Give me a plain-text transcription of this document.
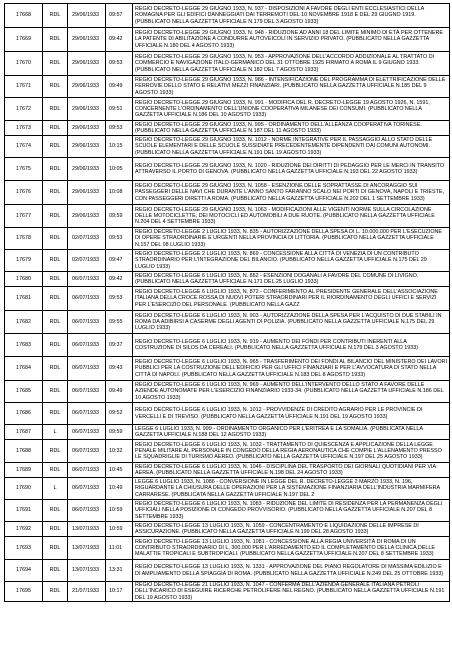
17668	RDL	29/06/1933	09:57	REGIO DECRETO-LEGGE 29 GIUGNO 1933, N. 937 - DISPOSIZIONI A FAVORE DEGLI ENTI ECCLESIASTICI DELLA ROMAGNA PER GLI EDIFICI DANNEGGIATI DAI TERREMOTI DEL 10 NOVEMBRE 1918 E DEL 29 GIUGNO 1919. (PUBBLICATO NELLA GAZZETTA UFFICIALE N.179 DEL 3 AGOSTO 1933)
17669	RDL	29/06/1933	09:42	REGIO DECRETO-LEGGE 29 GIUGNO 1933, N. 948 - RIDUZIONE AD ANNI 18 DEL LIMITE MINIMO DI ETÀ PER OTTENERE LA PATENTE DI ABILITAZIONE A CONDURRE AUTOVEICOLI IN SERVIZIO PRIVATO. (PUBBLICATO NELLA GAZZETTA UFFICIALE N.180 DEL 4 AGOSTO 1933)
17670	RDL	29/06/1933	09:53	REGIO DECRETO-LEGGE 29 GIUGNO 1933, N. 953 - APPROVAZIONE DELL'ACCORDO ADDIZIONALE AL TRATTATO DI COMMERCIO E NAVIGAZIONE ITALO-GERMANICO DEL 31 OTTOBRE 1925 FIRMATO A ROMA IL 9 GIUGNO 1933. (PUBBLICATO NELLA GAZZETTA UFFICIALE N.182 DEL 7 AGOSTO 1933)
17671	RDL	29/06/1933	09:49	REGIO DECRETO-LEGGE 29 GIUGNO 1933, N. 986 - INTENSIFICAZIONE DEL PROGRAMMA DI ELETTRIFICAZIONE DELLE FERROVIE DELLO STATO E RELATIVI MEZZI FINANZIARI. (PUBBLICATO NELLA GAZZETTA UFFICIALE N.185 DEL 9 AGOSTO 1933)
17672	RDL	29/06/1933	09:51	REGIO DECRETO-LEGGE 29 GIUGNO 1933, N. 991 - MODIFICA DEL R. DECRETO-LEGGE 19 AGOSTO 1926, N. 1591, CONCERNENTE L'ORDINAMENTO DELL'UNIONE COOPERATIVA MILANESE DEI CONSUMI. (PUBBLICATO NELLA GAZZETTA UFFICIALE N.186 DEL 10 AGOSTO 1933)
17673	RDL	29/06/1933	09:53	REGIO DECRETO-LEGGE 29 GIUGNO 1933, N. 995 - ORDINAMENTO DELL'ALLEANZA COOPERATIVA TORINESE. (PUBBLICATO NELLA GAZZETTA UFFICIALE N.187 DEL 11 AGOSTO 1933)
17674	RDL	29/06/1933	10:15	REGIO DECRETO-LEGGE 29 GIUGNO 1933, N. 1012 - NORME INTEGRATIVE PER IL PASSAGGIO ALLO STATO DELLE SCUOLE ELEMENTARI E DELLE SCUOLE SUSSIDIATE PRECEDENTEMENTE DIPENDENTI DAI COMUNI AUTONOMI. (PUBBLICATO NELLA GAZZETTA UFFICIALE N.191 DEL 19 AGOSTO 1933)
17675	RDL	29/06/1933	10:05	REGIO DECRETO-LEGGE 29 GIUGNO 1933, N. 1020 - RIDUZIONE DEI DIRITTI DI PEDAGGIO PER LE MERCI IN TRANSITO ATTRAVERSO IL PORTO DI GENOVA. (PUBBLICATO NELLA GAZZETTA UFFICIALE N.193 DEL 22 AGOSTO 1933)
17676	RDL	29/06/1933	10:08	REGIO DECRETO-LEGGE 29 GIUGNO 1933, N. 1058 - ESENZIONE DELLE SOPRATTASSE DI ANCORAGGIO SUI PASSEGGERI DELLE NAVI CHE DURANTE L'ANNO SANTO FARANNO SCALO NEI PORTI DI GENOVA, NAPOLI E TRIESTE, CON PASSEGGERI DIRETTI A ROMA. (PUBBLICATO NELLA GAZZETTA UFFICIALE N.202 DEL 1 SETTEMBRE 1933)
17677	RDL	29/06/1933	09:59	REGIO DECRETO-LEGGE 29 GIUGNO 1933, N. 1063 - MODIFICAZIONI ALLE VIGENTI NORME SULLA CIRCOLAZIONE DELLE MOTOCICLETTE, DEI MOTOCICLI ED AUTOMOBILI A DUE RUOTE. (PUBBLICATO NELLA GAZZETTA UFFICIALE N.204 DEL 4 SETTEMBRE 1933)
17678	RDL	02/07/1933	09:53	REGIO DECRETO-LEGGE 2 LUGLIO 1933, N. 835 - AUTORIZZAZIONE DELLA SPESA DI L. 10.000.000 PER L'ESECUZIONE DI OPERE STRAORDINARIE E URGENTI NELLA PROVINCIA DI LITTORIA. (PUBBLICATO NELLA GAZZETTA UFFICIALE N.157 DEL 08 LUGLIO 1933)
17679	RDL	02/07/1933	09:47	REGIO DECRETO-LEGGE 2 LUGLIO 1933, N. 869 - CONCESSIONE ALLA CITTÀ DI VENEZIA DI UN CONTRIBUTO STRAORDINARIO PER L'INTEGRAZIONE DEL BILANCIO. (PUBBLICATO NELLA GAZZETTA UFFICIALE N.175 DEL 29 LUGLIO 1933)
17680	RDL	06/07/1933	09:42	REGIO DECRETO-LEGGE 6 LUGLIO 1933, N. 862 - ESENZIONI DOGANALI A FAVORE DEL COMUNE DI LIVIGNO. (PUBBLICATO NELLA GAZZETTA UFFICIALE N.171 DEL 25 LUGLIO 1933)
17681	RDL	06/07/1933	09:53	REGIO DECRETO-LEGGE 6 LUGLIO 1933, N. 872 - CONFERIMENTO AL PRESIDENTE GENERALE DELL'ASSOCIAZIONE ITALIANA DELLA CROCE ROSSA DI NUOVI POTERI STRAORDINARI PER IL RIORDINAMENTO DEGLI UFFICI E SERVIZI PER L'ESERCIZIO DEL PERSONALE. (PUBBLICATO NELLA GAZZ
17682	RDL	06/07/1933	09:55	REGIO DECRETO-LEGGE 6 LUGLIO 1933, N. 903 - AUTORIZZAZIONE DELLA SPESA PER L'ACQUISTO DI DUE STABILI IN ROMA DA ADIBIRSI A CASERME DEGLI AGENTI DI POLIZIA. (PUBBLICATO NELLA GAZZETTA UFFICIALE N.175 DEL 29 LUGLIO 1933)
17683	RDL	06/07/1933	09:37	REGIO DECRETO-LEGGE 6 LUGLIO 1933, N. 919 - AUMENTO DEI FONDI PER CONTRIBUTI INERENTI ALLA COSTRUZIONE DI SILOS DA CEREALI. (PUBBLICATO NELLA GAZZETTA UFFICIALE N.179 DEL 3 AGOSTO 1933)
17684	RDL	06/07/1933	09:43	REGIO DECRETO-LEGGE 6 LUGLIO 1933, N. 965 - TRASFERIMENTO DEI FONDI AL BILANCIO DEL MINISTERO DEI LAVORI PUBBLICI PER LA COSTRUZIONE DELL'EDIFICIO PER GLI UFFICI FINANZIARI E PER L'AVVOCATURA DI STATO NELLA CITTÀ DI NAPOLI. (PUBBLICATO NELLA GAZZETTA UFFICIALE N.183 DEL 8 AGOSTO 1933)
17685	RDL	06/07/1933	09:49	REGIO DECRETO-LEGGE 6 LUGLIO 1933, N. 969 - AUMENTO DELL'INTERVENTO DELLO STATO A FAVORE DELLE AZIENDE AUTONOMATE PER L'ESERCIZIO FINANZIARIO 1933-34. (PUBBLICATO NELLA GAZZETTA UFFICIALE N.186 DEL 10 AGOSTO 1933)
17686	RDL	06/07/1933	09:52	REGIO DECRETO-LEGGE 6 LUGLIO 1933, N. 1012 - PROVVIDENZE DI CREDITO AGRARIO PER LE PROVINCIE DI VERCELLI E DI TREVISO. (PUBBLICATO NELLA GAZZETTA UFFICIALE N.191 DEL 19 AGOSTO 1933)
17687	L	06/07/1933	09:59	LEGGE 6 LUGLIO 1933, N. 999 - ORDINAMENTO ORGANICO PER L'ERITREA E LA SOMALIA. (PUBBLICATA NELLA GAZZETTA UFFICIALE N.188 DEL 12 AGOSTO 1933)
17688	RDL	06/07/1933	10:32	REGIO DECRETO-LEGGE 6 LUGLIO 1933, N. 1032 - TRATTAMENTO DI QUIESCENZA E APPLICAZIONE DELLA LEGGE PENALE MILITARE AL PERSONALE IN CONGEDO DELLA REGIA AERONAUTICA CHE COMPIE L'ALLENAMENTO PRESSO LE SQUADRIGLIE DI TURISMO AEREO. (PUBBLICATO NELLA GAZZETTA UFFICIALE N.197 DEL 25 AGOSTO 1933)
17689	RDL	06/07/1933	10:45	REGIO DECRETO-LEGGE 6 LUGLIO 1933, N. 1046 - DISCIPLINA DEL TRASPORTO DEI GIORNALI QUOTIDIANI PER VIA AEREA. (PUBBLICATO NELLA GAZZETTA UFFICIALE N.198 DEL 24 AGOSTO 1933)
17690	L	06/07/1933	10:49	LEGGE 6 LUGLIO 1933, N. 1086 - CONVERSIONE IN LEGGE DEL R. DECRETO-LEGGE 2 MARZO 1933, N. 196, RIGUARDANTE LA CHIUSURA DELLE OPERAZIONI PER LA SISTEMAZIONE FINANZIARIA DELL'INDUSTRIA MARMIFERA CARRARESE. (PUBBLICATA NELLA GAZZETTA UFFICIALE N.197 DEL 2
17691	RDL	06/07/1933	10:59	REGIO DECRETO-LEGGE 6 LUGLIO 1933, N. 1083 - RIDUZIONE DEL LIMITE DI RESIDENZA PER LA PERMANENZA DEGLI UFFICIALI NELLA POSIZIONE DI CONGEDO PROVVISORIO. (PUBBLICATO NELLA GAZZETTA UFFICIALE N.207 DEL 8 SETTEMBRE 1933)
17692	RDL	13/07/1933	10:59	REGIO DECRETO-LEGGE 13 LUGLIO 1933, N. 1059 - CONCENTRAMENTO E LIQUIDAZIONE DELLE IMPRESE DI ASSICURAZIONE. (PUBBLICATO NELLA GAZZETTA UFFICIALE N.199 DEL 28 AGOSTO 1933)
17693	RDL	13/07/1933	11:01	REGIO DECRETO-LEGGE 13 LUGLIO 1933, N. 1081 - CONCESSIONE ALLA REGIA UNIVERSITÀ DI ROMA DI UN CONTRIBUTO STRAORDINARIO DI L. 300.000 PER L'ARREDAMENTO ED IL COMPLETAMENTO DELLA CLINICA DELLE MALATTIE TROPICALI E SUBTROPICALI. (PUBBLICATO NELLA GAZZETTA UFFICIALE N.207 DEL 8 SETTEMBRE 1933)
17694	RDL	13/07/1933	13:31	REGIO DECRETO-LEGGE 13 LUGLIO 1933, N. 1331 - APPROVAZIONE DEL PIANO REGOLATORE DI MASSIMA EDILIZIO E DI AMPLIAMENTO DELLA SPIAGGIA DI ROMA. (PUBBLICATO NELLA GAZZETTA UFFICIALE N.249 DEL 25 OTTOBRE 1933)
17695	RDL	21/07/1933	10:17	REGIO DECRETO-LEGGE 21 LUGLIO 1933, N. 1047 - CONFERMA DELL'AZIENDA GENERALE ITALIANA PETROLI DELL'INCARICO DI ESEGUIRE RICERCHE PETROLIFERE NEL REGNO. (PUBBLICATO NELLA GAZZETTA UFFICIALE N.191 DEL 19 AGOSTO 1933)
